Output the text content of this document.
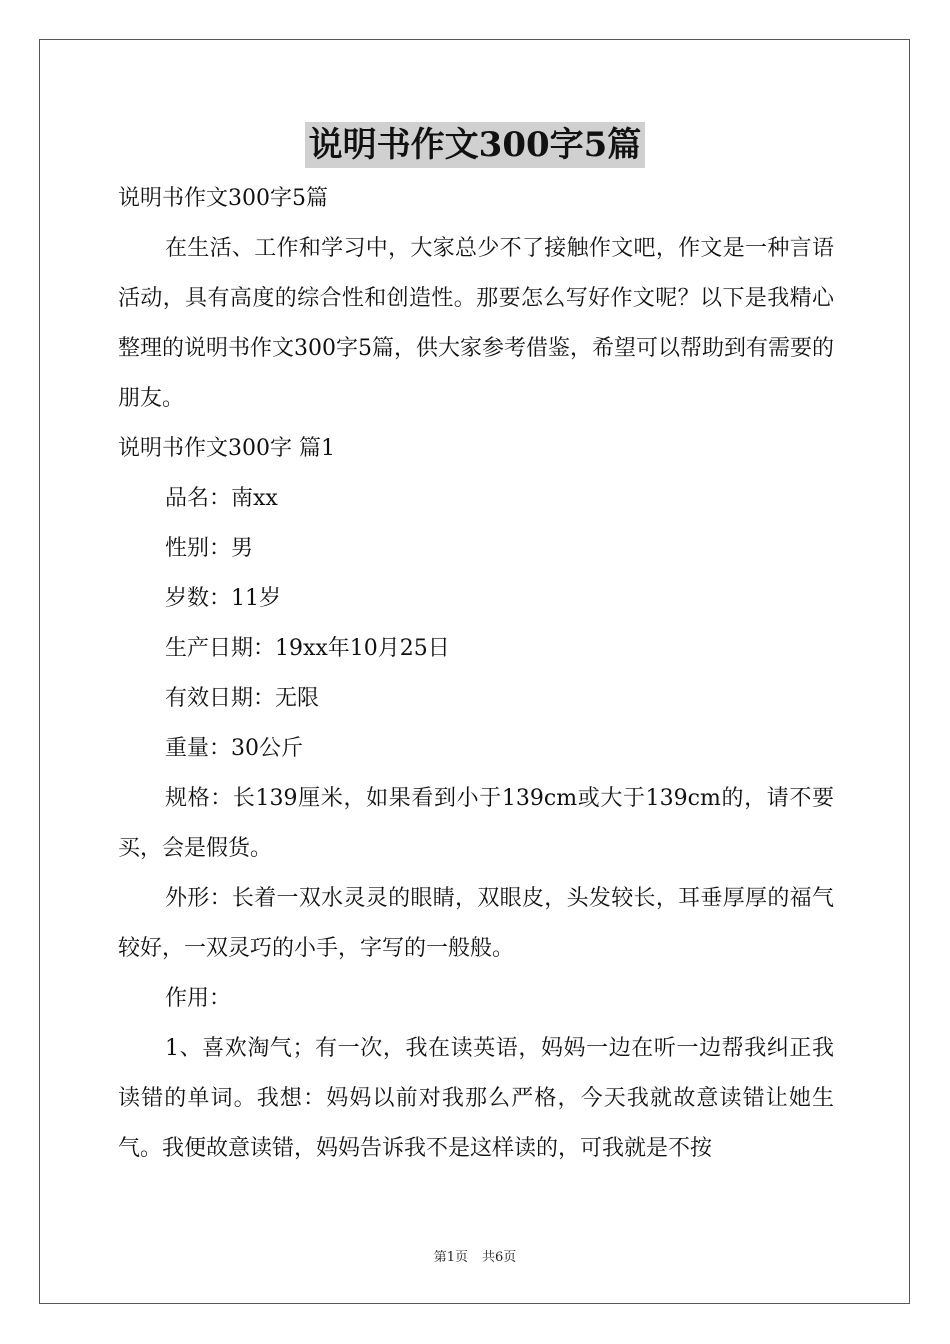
说明书作文300字5篇

说明书作文300字5篇

在生活、工作和学习中，大家总少不了接触作文吧，作文是一种言语活动，具有高度的综合性和创造性。那要怎么写好作文呢？以下是我精心整理的说明书作文300字5篇，供大家参考借鉴，希望可以帮助到有需要的朋友。

说明书作文300字 篇1

品名：南xx

性别：男

岁数：11岁

生产日期：19xx年10月25日

有效日期：无限

重量：30公斤

规格：长139厘米，如果看到小于139cm或大于139cm的，请不要买，会是假货。

外形：长着一双水灵灵的眼睛，双眼皮，头发较长，耳垂厚厚的福气较好，一双灵巧的小手，字写的一般般。

作用：

1、喜欢淘气；有一次，我在读英语，妈妈一边在听一边帮我纠正我读错的单词。我想：妈妈以前对我那么严格，今天我就故意读错让她生气。我便故意读错，妈妈告诉我不是这样读的，可我就是不按

第1页 共6页
